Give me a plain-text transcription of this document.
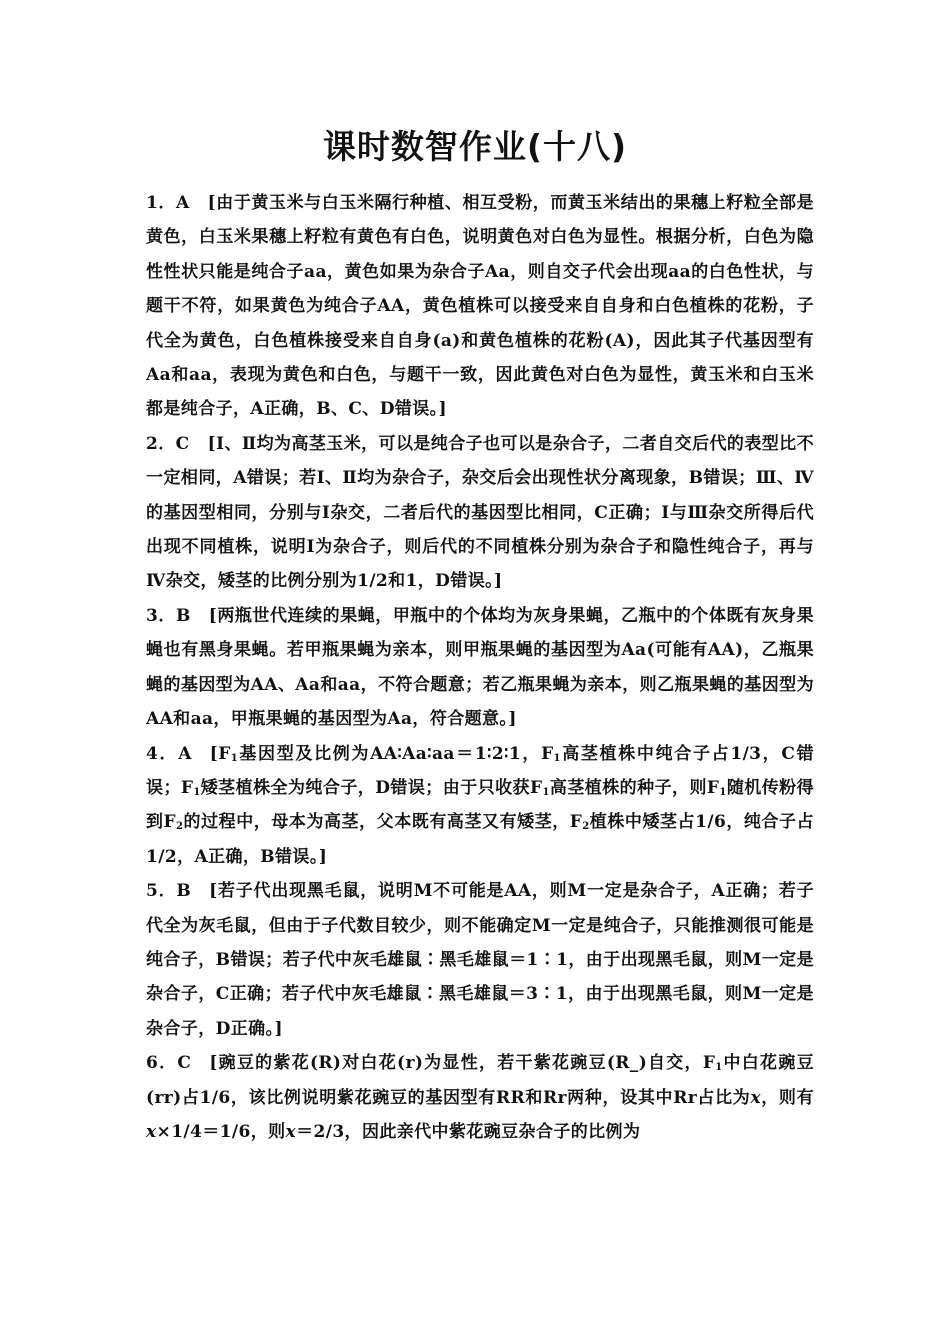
课时数智作业(十八)

1．A [由于黄玉米与白玉米隔行种植、相互受粉，而黄玉米结出的果穗上籽粒全部是黄色，白玉米果穗上籽粒有黄色有白色，说明黄色对白色为显性。根据分析，白色为隐性性状只能是纯合子aa，黄色如果为杂合子Aa，则自交子代会出现aa的白色性状，与题干不符，如果黄色为纯合子AA，黄色植株可以接受来自自身和白色植株的花粉，子代全为黄色，白色植株接受来自自身(a)和黄色植株的花粉(A)，因此其子代基因型有Aa和aa，表现为黄色和白色，与题干一致，因此黄色对白色为显性，黄玉米和白玉米都是纯合子，A正确，B、C、D错误。]

2．C [Ⅰ、Ⅱ均为高茎玉米，可以是纯合子也可以是杂合子，二者自交后代的表型比不一定相同，A错误；若Ⅰ、Ⅱ均为杂合子，杂交后会出现性状分离现象，B错误；Ⅲ、Ⅳ的基因型相同，分别与Ⅰ杂交，二者后代的基因型比相同，C正确；Ⅰ与Ⅲ杂交所得后代出现不同植株，说明Ⅰ为杂合子，则后代的不同植株分别为杂合子和隐性纯合子，再与Ⅳ杂交，矮茎的比例分别为1/2和1，D错误。]

3．B [两瓶世代连续的果蝇，甲瓶中的个体均为灰身果蝇，乙瓶中的个体既有灰身果蝇也有黑身果蝇。若甲瓶果蝇为亲本，则甲瓶果蝇的基因型为Aa(可能有AA)，乙瓶果蝇的基因型为AA、Aa和aa，不符合题意；若乙瓶果蝇为亲本，则乙瓶果蝇的基因型为AA和aa，甲瓶果蝇的基因型为Aa，符合题意。]

4．A [$F_1$基因型及比例为AA∶Aa∶aa＝1∶2∶1，$F_1$高茎植株中纯合子占1/3，C错误；$F_1$矮茎植株全为纯合子，D错误；由于只收获$F_1$高茎植株的种子，则$F_1$随机传粉得到$F_2$的过程中，母本为高茎，父本既有高茎又有矮茎，$F_2$植株中矮茎占1/6，纯合子占1/2，A正确，B错误。]

5．B [若子代出现黑毛鼠，说明M不可能是AA，则M一定是杂合子，A正确；若子代全为灰毛鼠，但由于子代数目较少，则不能确定M一定是纯合子，只能推测很可能是纯合子，B错误；若子代中灰毛雄鼠∶黑毛雄鼠＝1∶1，由于出现黑毛鼠，则M一定是杂合子，C正确；若子代中灰毛雄鼠∶黑毛雄鼠＝3∶1，由于出现黑毛鼠，则M一定是杂合子，D正确。]

6．C [豌豆的紫花(R)对白花(r)为显性，若干紫花豌豆(R_)自交，$F_1$中白花豌豆(rr)占1/6，该比例说明紫花豌豆的基因型有RR和Rr两种，设其中Rr占比为x，则有x×1/4＝1/6，则x＝2/3，因此亲代中紫花豌豆杂合子的比例为
